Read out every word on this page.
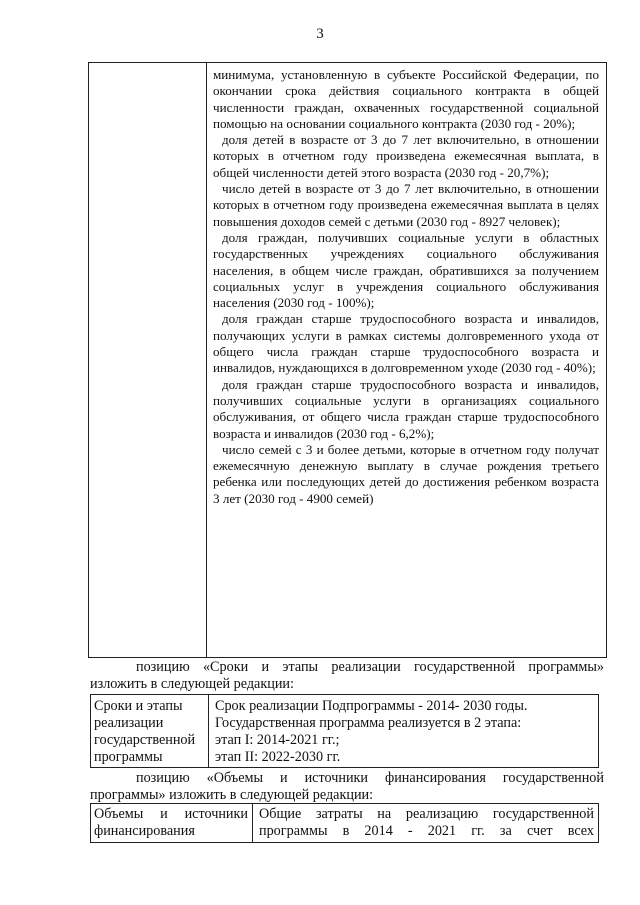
3

минимума, установленную в субъекте Российской Федерации, по окончании срока действия социального контракта в общей численности граждан, охваченных государственной социальной помощью на основании социального контракта (2030 год - 20%);

доля детей в возрасте от 3 до 7 лет включительно, в отношении которых в отчетном году произведена ежемесячная выплата, в общей численности детей этого возраста (2030 год - 20,7%);

число детей в возрасте от 3 до 7 лет включительно, в отношении которых в отчетном году произведена ежемесячная выплата в целях повышения доходов семей с детьми (2030 год - 8927 человек);

доля граждан, получивших социальные услуги в областных государственных учреждениях социального обслуживания населения, в общем числе граждан, обратившихся за получением социальных услуг в учреждения социального обслуживания населения (2030 год - 100%);

доля граждан старше трудоспособного возраста и инвалидов, получающих услуги в рамках системы долговременного ухода от общего числа граждан старше трудоспособного возраста и инвалидов, нуждающихся в долговременном уходе (2030 год - 40%);

доля граждан старше трудоспособного возраста и инвалидов, получивших социальные услуги в организациях социального обслуживания, от общего числа граждан старше трудоспособного возраста и инвалидов (2030 год - 6,2%);

число семей с 3 и более детьми, которые в отчетном году получат ежемесячную денежную выплату в случае рождения третьего ребенка или последующих детей до достижения ребенком возраста 3 лет (2030 год - 4900 семей)

позицию «Сроки и этапы реализации государственной программы»
изложить в следующей редакции:
Сроки и этапы
реализации
государственной
программы
Срок реализации Подпрограммы - 2014- 2030 годы.
Государственная программа реализуется в 2 этапа:
этап I: 2014-2021 гг.;
этап II: 2022-2030 гг.
позицию «Объемы и источники финансирования государственной
программы» изложить в следующей редакции:
Объемы и источники
финансирования
Общие затраты на реализацию государственной
программы в 2014 - 2021 гг. за счет всех
